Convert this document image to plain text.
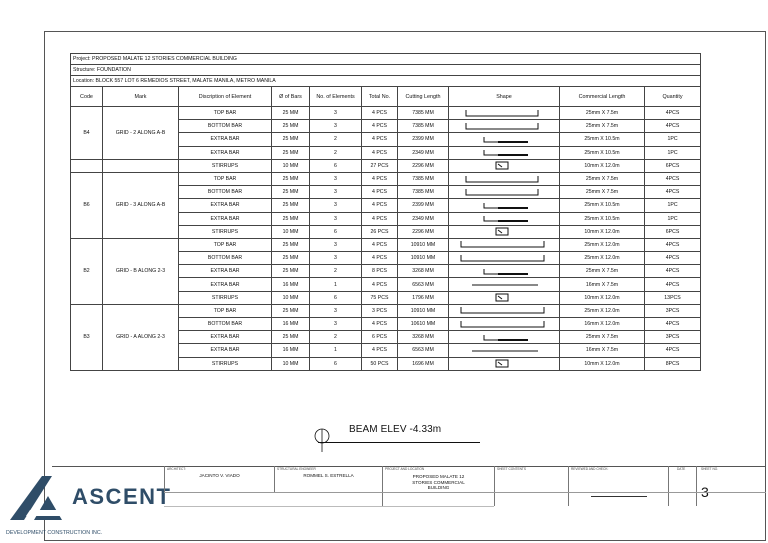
Project: PROPOSED MALATE 12 STORIES COMMERCIAL BUILDING									
Structure: FOUNDATION									
Location: BLOCK 557 LOT 6 REMEDIOS STREET, MALATE MANILA, METRO MANILA									
Code	Mark	Discription of Element	Ø of Bars	No. of Elements	Total No.	Cutting Length	Shape	Commercial Length	Quantity
B4	GRID - 2 ALONG A-B	TOP BAR	25 MM	3	4 PCS	7385 MM		25mm X 7.5m	4PCS
		BOTTOM BAR	25 MM	3	4 PCS	7385 MM		25mm X 7.5m	4PCS
		EXTRA BAR	25 MM	2	4 PCS	2399 MM		25mm X 10.5m	1PC
		EXTRA BAR	25 MM	2	4 PCS	2349 MM		25mm X 10.5m	1PC
		STIRRUPS	10 MM	6	27 PCS	2296 MM		10mm X 12.0m	6PCS
B6	GRID - 3 ALONG A-B	TOP BAR	25 MM	3	4 PCS	7385 MM		25mm X 7.5m	4PCS
		BOTTOM BAR	25 MM	3	4 PCS	7385 MM		25mm X 7.5m	4PCS
		EXTRA BAR	25 MM	3	4 PCS	2399 MM		25mm X 10.5m	1PC
		EXTRA BAR	25 MM	3	4 PCS	2349 MM		25mm X 10.5m	1PC
		STIRRUPS	10 MM	6	26 PCS	2296 MM		10mm X 12.0m	6PCS
B2	GRID - B ALONG 2-3	TOP BAR	25 MM	3	4 PCS	10910 MM		25mm X 12.0m	4PCS
		BOTTOM BAR	25 MM	3	4 PCS	10910 MM		25mm X 12.0m	4PCS
		EXTRA BAR	25 MM	2	8 PCS	3268 MM		25mm X 7.5m	4PCS
		EXTRA BAR	16 MM	1	4 PCS	6563 MM		16mm X 7.5m	4PCS
		STIRRUPS	10 MM	6	75 PCS	1796 MM		10mm X 12.0m	13PCS
B3	GRID - A ALONG 2-3	TOP BAR	25 MM	3	3 PCS	10910 MM		25mm X 12.0m	3PCS
		BOTTOM BAR	16 MM	3	4 PCS	10610 MM		16mm X 12.0m	4PCS
		EXTRA BAR	25 MM	2	6 PCS	3268 MM		25mm X 7.5m	3PCS
		EXTRA BAR	16 MM	1	4 PCS	6563 MM		16mm X 7.5m	4PCS
		STIRRUPS	10 MM	6	50 PCS	1696 MM		10mm X 12.0m	8PCS
BEAM ELEV -4.33m
ASCENT
DEVELOPMENT CONSTRUCTION INC.
ARCHITECT:
JACINTO V. VIADO
STRUCTURAL ENGINEER
ROMMEL S. ESTRELLA
PROJECT AND LOCATION
PROPOSED MALATE 12 STORIES COMMERCIAL BUILDING
SHEET CONTENTS	REVIEWED AND CHECK:	DATE	SHEET NO.
3
